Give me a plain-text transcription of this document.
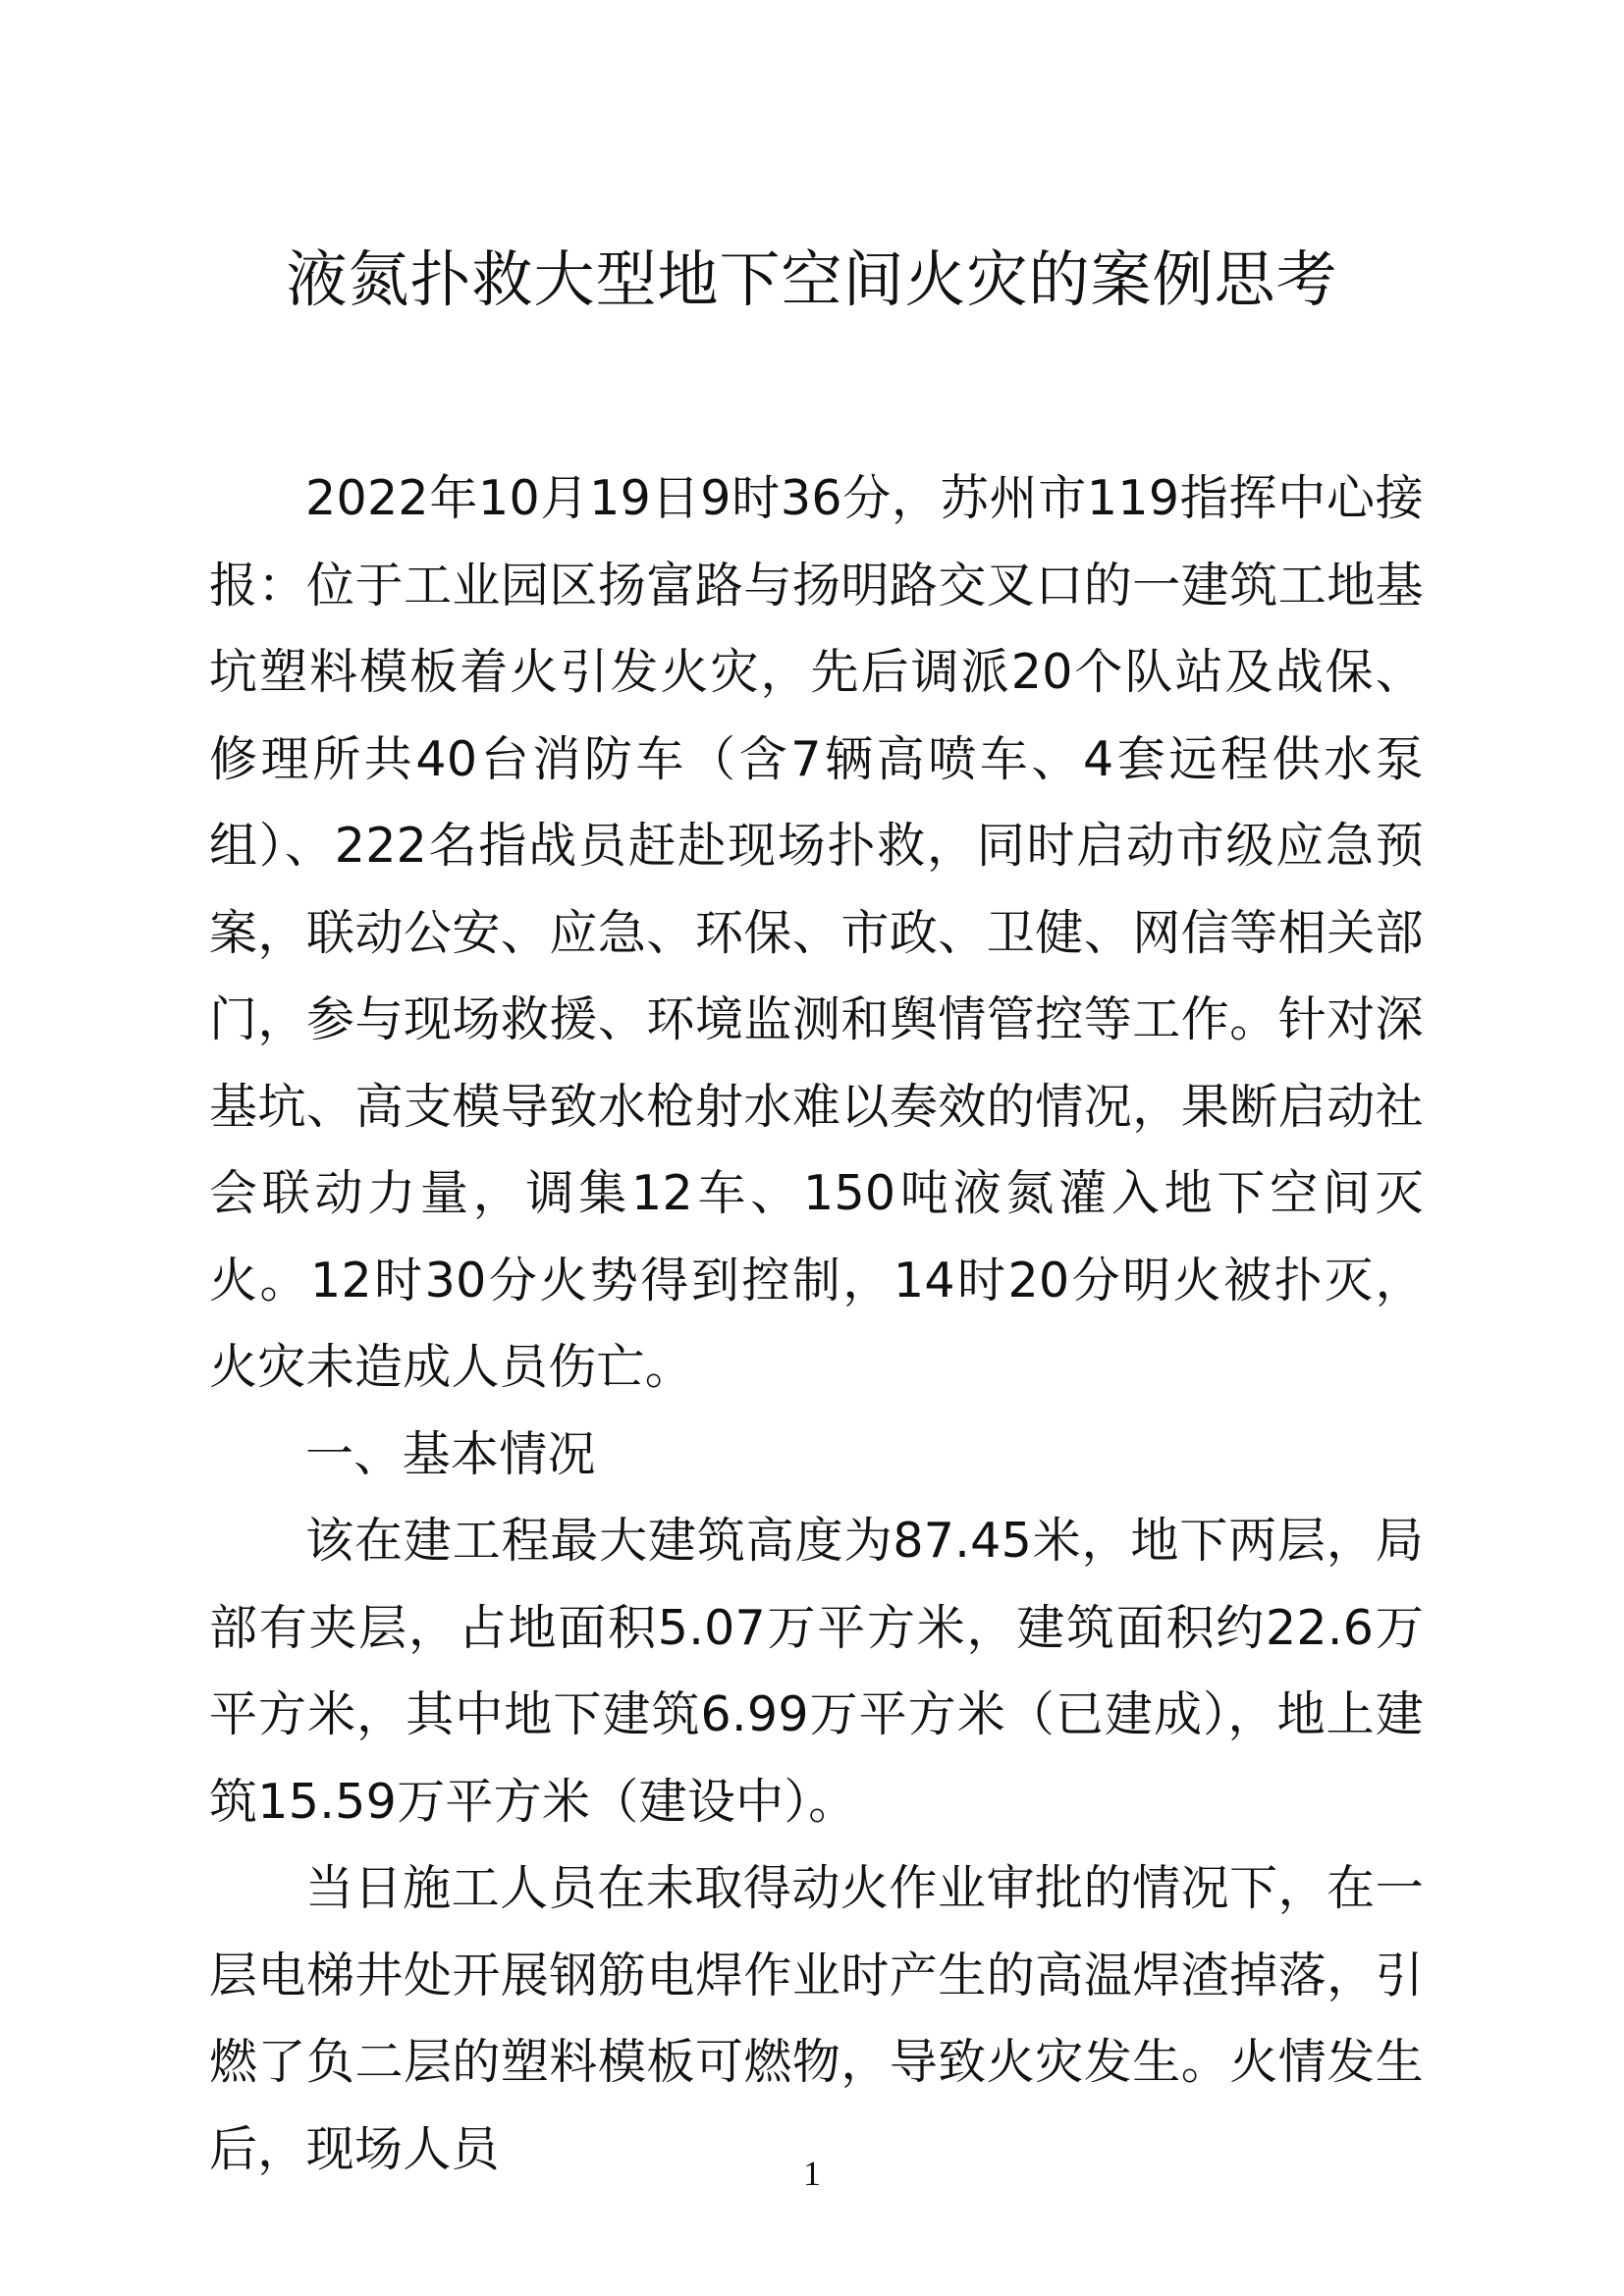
液氮扑救大型地下空间火灾的案例思考

2022年10月19日9时36分，苏州市119指挥中心接报：位于工业园区扬富路与扬明路交叉口的一建筑工地基坑塑料模板着火引发火灾，先后调派20个队站及战保、修理所共40台消防车（含7辆高喷车、4套远程供水泵组）、222名指战员赶赴现场扑救，同时启动市级应急预案，联动公安、应急、环保、市政、卫健、网信等相关部门，参与现场救援、环境监测和舆情管控等工作。针对深基坑、高支模导致水枪射水难以奏效的情况，果断启动社会联动力量，调集12车、150吨液氮灌入地下空间灭火。12时30分火势得到控制，14时20分明火被扑灭，火灾未造成人员伤亡。

一、基本情况

该在建工程最大建筑高度为87.45米，地下两层，局部有夹层，占地面积5.07万平方米，建筑面积约22.6万平方米，其中地下建筑6.99万平方米（已建成），地上建筑15.59万平方米（建设中）。

当日施工人员在未取得动火作业审批的情况下，在一层电梯井处开展钢筋电焊作业时产生的高温焊渣掉落，引燃了负二层的塑料模板可燃物，导致火灾发生。火情发生后，现场人员	1
